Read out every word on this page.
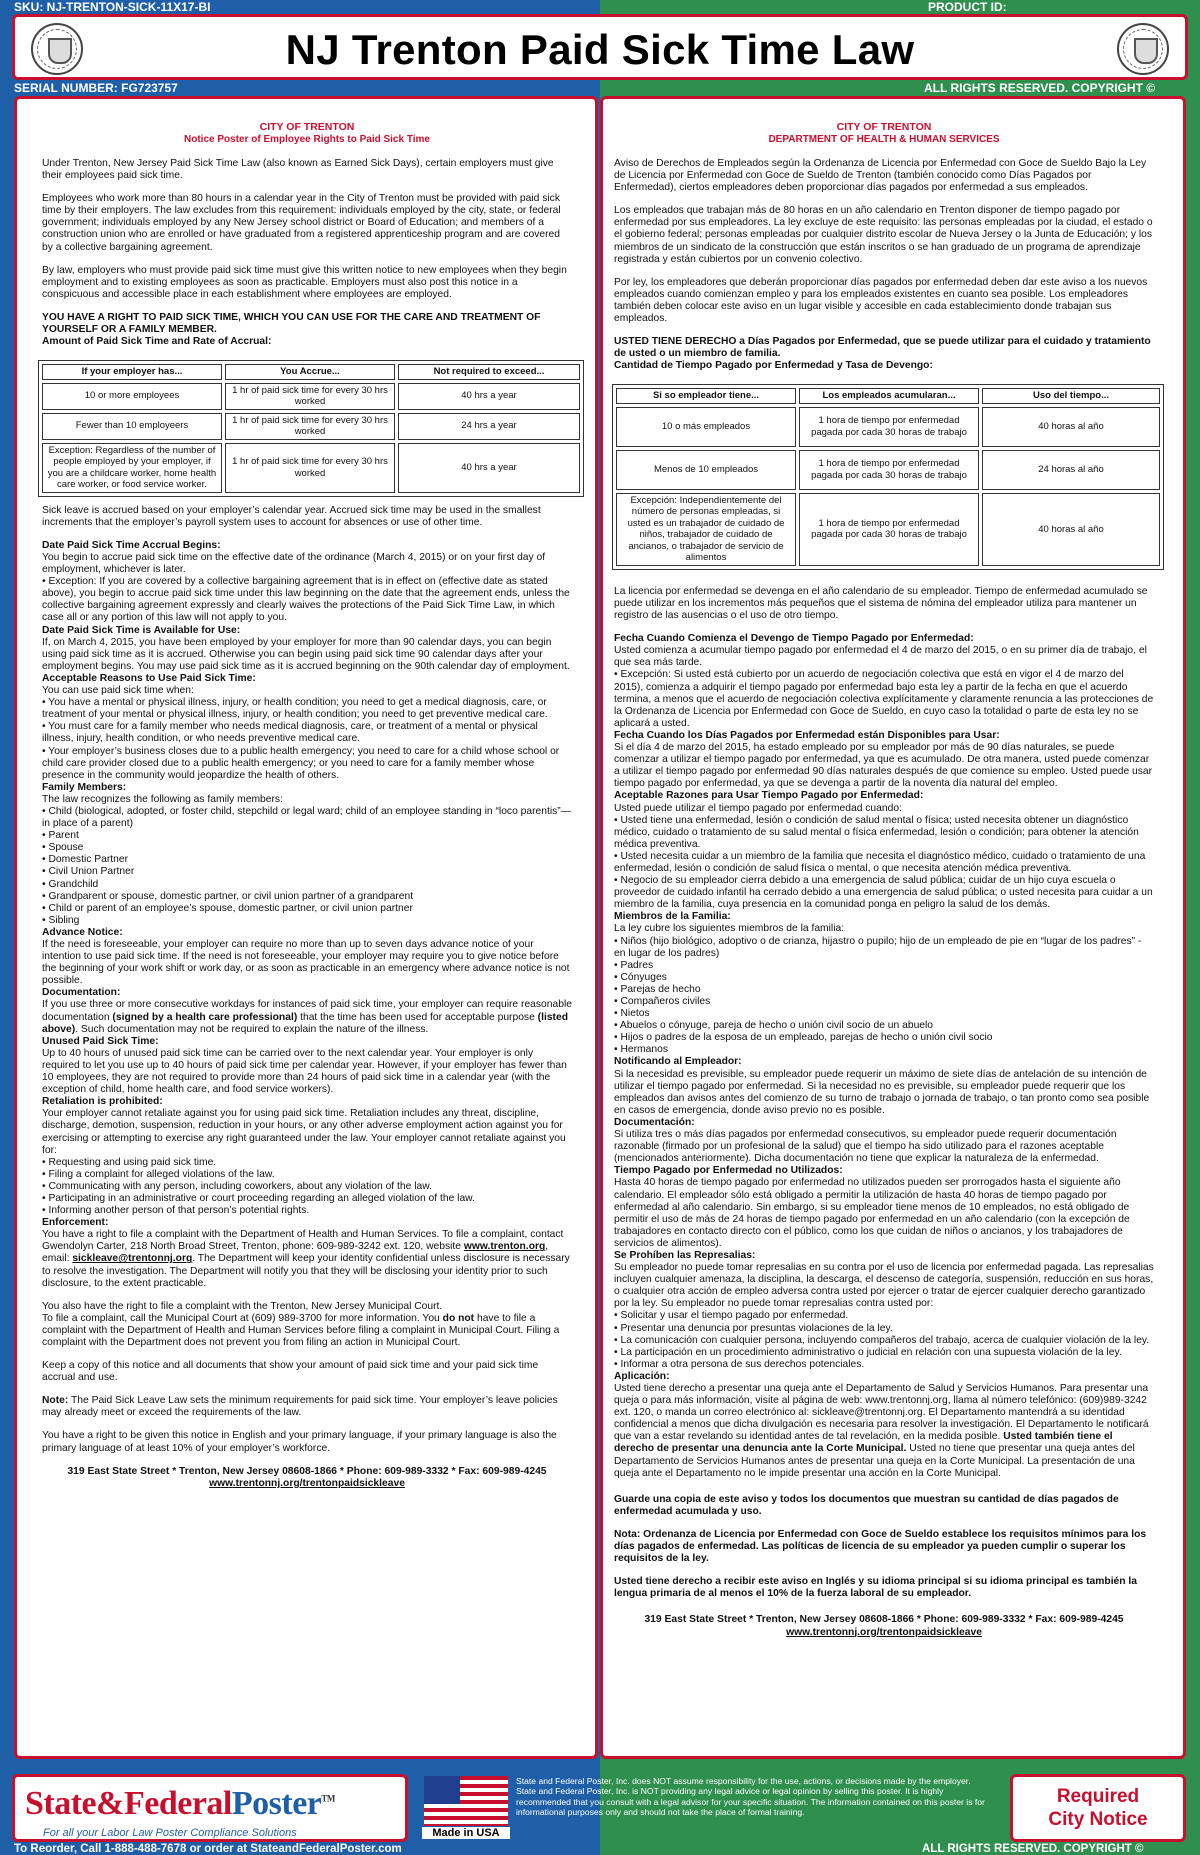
SKU: NJ-TRENTON-SICK-11X17-BI	PRODUCT ID:
NJ Trenton Paid Sick Time Law
SERIAL NUMBER: FG723757	ALL RIGHTS RESERVED. COPYRIGHT ©
CITY OF TRENTON
Notice Poster of Employee Rights to Paid Sick Time
Under Trenton, New Jersey Paid Sick Time Law (also known as Earned Sick Days), certain employers must give their employees paid sick time.
Employees who work more than 80 hours in a calendar year in the City of Trenton must be provided with paid sick time by their employers. The law excludes from this requirement: individuals employed by the city, state, or federal government; individuals employed by any New Jersey school district or Board of Education; and members of a construction union who are enrolled or have graduated from a registered apprenticeship program and are covered by a collective bargaining agreement.
By law, employers who must provide paid sick time must give this written notice to new employees when they begin employment and to existing employees as soon as practicable. Employers must also post this notice in a conspicuous and accessible place in each establishment where employees are employed.
YOU HAVE A RIGHT TO PAID SICK TIME, WHICH YOU CAN USE FOR THE CARE AND TREATMENT OF YOURSELF OR A FAMILY MEMBER.
Amount of Paid Sick Time and Rate of Accrual:
If your employer has...	You Accrue...	Not required to exceed...
10 or more employees	1 hr of paid sick time for every 30 hrs worked	40 hrs a year
Fewer than 10 employeers	1 hr of paid sick time for every 30 hrs worked	24 hrs a year
Exception: Regardless of the number of people employed by your employer, if you are a childcare worker, home health care worker, or food service worker.	1 hr of paid sick time for every 30 hrs worked	40 hrs a year
Sick leave is accrued based on your employer’s calendar year. Accrued sick time may be used in the smallest increments that the employer’s payroll system uses to account for absences or use of other time.
Date Paid Sick Time Accrual Begins:
You begin to accrue paid sick time on the effective date of the ordinance (March 4, 2015) or on your first day of employment, whichever is later.
• Exception: If you are covered by a collective bargaining agreement that is in effect on (effective date as stated above), you begin to accrue paid sick time under this law beginning on the date that the agreement ends, unless the collective bargaining agreement expressly and clearly waives the protections of the Paid Sick Time Law, in which case all or any portion of this law will not apply to you.
Date Paid Sick Time is Available for Use:
If, on March 4, 2015, you have been employed by your employer for more than 90 calendar days, you can begin using paid sick time as it is accrued. Otherwise you can begin using paid sick time 90 calendar days after your employment begins. You may use paid sick time as it is accrued beginning on the 90th calendar day of employment.
Acceptable Reasons to Use Paid Sick Time:
You can use paid sick time when:
• You have a mental or physical illness, injury, or health condition; you need to get a medical diagnosis, care, or treatment of your mental or physical illness, injury, or health condition; you need to get preventive medical care.
• You must care for a family member who needs medical diagnosis, care, or treatment of a mental or physical illness, injury, health condition, or who needs preventive medical care.
• Your employer’s business closes due to a public health emergency; you need to care for a child whose school or child care provider closed due to a public health emergency; or you need to care for a family member whose presence in the community would jeopardize the health of others.
Family Members:
The law recognizes the following as family members:
• Child (biological, adopted, or foster child, stepchild or legal ward; child of an employee standing in “loco parentis”— in place of a parent)
• Parent
• Spouse
• Domestic Partner
• Civil Union Partner
• Grandchild
• Grandparent or spouse, domestic partner, or civil union partner of a grandparent
• Child or parent of an employee’s spouse, domestic partner, or civil union partner
• Sibling
Advance Notice:
If the need is foreseeable, your employer can require no more than up to seven days advance notice of your intention to use paid sick time. If the need is not foreseeable, your employer may require you to give notice before the beginning of your work shift or work day, or as soon as practicable in an emergency where advance notice is not possible.
Documentation:
If you use three or more consecutive workdays for instances of paid sick time, your employer can require reasonable documentation (signed by a health care professional) that the time has been used for acceptable purpose (listed above). Such documentation may not be required to explain the nature of the illness.
Unused Paid Sick Time:
Up to 40 hours of unused paid sick time can be carried over to the next calendar year. Your employer is only required to let you use up to 40 hours of paid sick time per calendar year. However, if your employer has fewer than 10 employees, they are not required to provide more than 24 hours of paid sick time in a calendar year (with the exception of child, home health care, and food service workers).
Retaliation is prohibited:
Your employer cannot retaliate against you for using paid sick time. Retaliation includes any threat, discipline, discharge, demotion, suspension, reduction in your hours, or any other adverse employment action against you for exercising or attempting to exercise any right guaranteed under the law. Your employer cannot retaliate against you for:
• Requesting and using paid sick time.
• Filing a complaint for alleged violations of the law.
• Communicating with any person, including coworkers, about any violation of the law.
• Participating in an administrative or court proceeding regarding an alleged violation of the law.
• Informing another person of that person’s potential rights.
Enforcement:
You have a right to file a complaint with the Department of Health and Human Services. To file a complaint, contact Gwendolyn Carter, 218 North Broad Street, Trenton, phone: 609-989-3242 ext. 120, website www.trenton.org, email: sickleave@trentonnj.org. The Department will keep your identity confidential unless disclosure is necessary to resolve the investigation. The Department will notify you that they will be disclosing your identity prior to such disclosure, to the extent practicable.
You also have the right to file a complaint with the Trenton, New Jersey Municipal Court.
To file a complaint, call the Municipal Court at (609) 989-3700 for more information. You do not have to file a complaint with the Department of Health and Human Services before filing a complaint in Municipal Court. Filing a complaint with the Department does not prevent you from filing an action in Municipal Court.
Keep a copy of this notice and all documents that show your amount of paid sick time and your paid sick time accrual and use.
Note: The Paid Sick Leave Law sets the minimum requirements for paid sick time. Your employer’s leave policies may already meet or exceed the requirements of the law.
You have a right to be given this notice in English and your primary language, if your primary language is also the primary language of at least 10% of your employer’s workforce.
319 East State Street * Trenton, New Jersey 08608-1866 * Phone: 609-989-3332 * Fax: 609-989-4245
www.trentonnj.org/trentonpaidsickleave
CITY OF TRENTON
DEPARTMENT OF HEALTH & HUMAN SERVICES
Aviso de Derechos de Empleados según la Ordenanza de Licencia por Enfermedad con Goce de Sueldo Bajo la Ley de Licencia por Enfermedad con Goce de Sueldo de Trenton (también conocido como Días Pagados por Enfermedad), ciertos empleadores deben proporcionar días pagados por enfermedad a sus empleados.
Los empleados que trabajan más de 80 horas en un año calendario en Trenton disponer de tiempo pagado por enfermedad por sus empleadores. La ley excluye de este requisito: las personas empleadas por la ciudad, el estado o el gobierno federal; personas empleadas por cualquier distrito escolar de Nueva Jersey o la Junta de Educación; y los miembros de un sindicato de la construcción que están inscritos o se han graduado de un programa de aprendizaje registrada y están cubiertos por un convenio colectivo.
Por ley, los empleadores que deberán proporcionar días pagados por enfermedad deben dar este aviso a los nuevos empleados cuando comienzan empleo y para los empleados existentes en cuanto sea posible. Los empleadores también deben colocar este aviso en un lugar visible y accesible en cada establecimiento donde trabajan sus empleados.
USTED TIENE DERECHO a Días Pagados por Enfermedad, que se puede utilizar para el cuidado y tratamiento de usted o un miembro de familia.
Cantidad de Tiempo Pagado por Enfermedad y Tasa de Devengo:
Si so empleador tiene...	Los empleados acumularan...	Uso del tiempo...
10 o más empleados	1 hora de tiempo por enfermedad pagada por cada 30 horas de trabajo	40 horas al año
Menos de 10 empleados	1 hora de tiempo por enfermedad pagada por cada 30 horas de trabajo	24 horas al año
Excepción: Independientemente del número de personas empleadas, si usted es un trabajador de cuidado de niños, trabajador de cuidado de ancianos, o trabajador de servicio de alimentos	1 hora de tiempo por enfermedad pagada por cada 30 horas de trabajo	40 horas al año
La licencia por enfermedad se devenga en el año calendario de su empleador. Tiempo de enfermedad acumulado se puede utilizar en los incrementos más pequeños que el sistema de nómina del empleador utiliza para mantener un registro de las ausencias o el uso de otro tiempo.
Fecha Cuando Comienza el Devengo de Tiempo Pagado por Enfermedad:
Usted comienza a acumular tiempo pagado por enfermedad el 4 de marzo del 2015, o en su primer día de trabajo, el que sea más tarde.
• Excepción: Si usted está cubierto por un acuerdo de negociación colectiva que está en vigor el 4 de marzo del 2015), comienza a adquirir el tiempo pagado por enfermedad bajo esta ley a partir de la fecha en que el acuerdo termina, a menos que el acuerdo de negociación colectiva explícitamente y claramente renuncia a las protecciones de la Ordenanza de Licencia por Enfermedad con Goce de Sueldo, en cuyo caso la totalidad o parte de esta ley no se aplicará a usted.
Fecha Cuando los Días Pagados por Enfermedad están Disponibles para Usar:
Si el día 4 de marzo del 2015, ha estado empleado por su empleador por más de 90 días naturales, se puede comenzar a utilizar el tiempo pagado por enfermedad, ya que es acumulado. De otra manera, usted puede comenzar a utilizar el tiempo pagado por enfermedad 90 días naturales después de que comience su empleo. Usted puede usar tiempo pagado por enfermedad, ya que se devenga a partir de la noventa día natural del empleo.
Aceptable Razones para Usar Tiempo Pagado por Enfermedad:
Usted puede utilizar el tiempo pagado por enfermedad cuando:
• Usted tiene una enfermedad, lesión o condición de salud mental o física; usted necesita obtener un diagnóstico médico, cuidado o tratamiento de su salud mental o física enfermedad, lesión o condición; para obtener la atención médica preventiva.
• Usted necesita cuidar a un miembro de la familia que necesita el diagnóstico médico, cuidado o tratamiento de una enfermedad, lesión o condición de salud física o mental, o que necesita atención médica preventiva.
• Negocio de su empleador cierra debido a una emergencia de salud pública; cuidar de un hijo cuya escuela o proveedor de cuidado infantil ha cerrado debido a una emergencia de salud pública; o usted necesita para cuidar a un miembro de la familia, cuya presencia en la comunidad ponga en peligro la salud de los demás.
Miembros de la Familia:
La ley cubre los siguientes miembros de la familia:
• Niños (hijo biológico, adoptivo o de crianza, hijastro o pupilo; hijo de un empleado de pie en “lugar de los padres” - en lugar de los padres)
• Padres
• Cónyuges
• Parejas de hecho
• Compañeros civiles
• Nietos
• Abuelos o cónyuge, pareja de hecho o unión civil socio de un abuelo
• Hijos o padres de la esposa de un empleado, parejas de hecho o unión civil socio
• Hermanos
Notificando al Empleador:
Si la necesidad es previsible, su empleador puede requerir un máximo de siete días de antelación de su intención de utilizar el tiempo pagado por enfermedad. Si la necesidad no es previsible, su empleador puede requerir que los empleados dan avisos antes del comienzo de su turno de trabajo o jornada de trabajo, o tan pronto como sea posible en casos de emergencia, donde aviso previo no es posible.
Documentación:
Si utiliza tres o más días pagados por enfermedad consecutivos, su empleador puede requerir documentación razonable (firmado por un profesional de la salud) que el tiempo ha sido utilizado para el razones aceptable (mencionados anteriormente). Dicha documentación no tiene que explicar la naturaleza de la enfermedad.
Tiempo Pagado por Enfermedad no Utilizados:
Hasta 40 horas de tiempo pagado por enfermedad no utilizados pueden ser prorrogados hasta el siguiente año calendario. El empleador sólo está obligado a permitir la utilización de hasta 40 horas de tiempo pagado por enfermedad al año calendario. Sin embargo, si su empleador tiene menos de 10 empleados, no está obligado de permitir el uso de más de 24 horas de tiempo pagado por enfermedad en un año calendario (con la excepción de trabajadores en contacto directo con el público, como los que cuidan de niños o ancianos, y los trabajadores de servicios de alimentos).
Se Prohíben las Represalias:
Su empleador no puede tomar represalias en su contra por el uso de licencia por enfermedad pagada. Las represalias incluyen cualquier amenaza, la disciplina, la descarga, el descenso de categoría, suspensión, reducción en sus horas, o cualquier otra acción de empleo adversa contra usted por ejercer o tratar de ejercer cualquier derecho garantizado por la ley. Su empleador no puede tomar represalias contra usted por:
• Solicitar y usar el tiempo pagado por enfermedad.
• Presentar una denuncia por presuntas violaciones de la ley.
• La comunicación con cualquier persona, incluyendo compañeros del trabajo, acerca de cualquier violación de la ley.
• La participación en un procedimiento administrativo o judicial en relación con una supuesta violación de la ley.
• Informar a otra persona de sus derechos potenciales.
Aplicación:
Usted tiene derecho a presentar una queja ante el Departamento de Salud y Servicios Humanos. Para presentar una queja o para más información, visite al página de web: www.trentonnj.org, llama al número telefónico: (609)989-3242 ext. 120, o manda un correo electrónico al: sickleave@trentonnj.org. El Departamento mantendrá a su identidad confidencial a menos que dicha divulgación es necesaria para resolver la investigación. El Departamento le notificará que van a estar revelando su identidad antes de tal revelación, en la medida posible. Usted también tiene el derecho de presentar una denuncia ante la Corte Municipal. Usted no tiene que presentar una queja antes del Departamento de Servicios Humanos antes de presentar una queja en la Corte Municipal. La presentación de una queja ante el Departamento no le impide presentar una acción en la Corte Municipal.
Guarde una copia de este aviso y todos los documentos que muestran su cantidad de días pagados de enfermedad acumulada y uso.
Nota: Ordenanza de Licencia por Enfermedad con Goce de Sueldo establece los requisitos mínimos para los días pagados de enfermedad. Las políticas de licencia de su empleador ya pueden cumplir o superar los requisitos de la ley.
Usted tiene derecho a recibir este aviso en Inglés y su idioma principal si su idioma principal es también la lengua primaria de al menos el 10% de la fuerza laboral de su empleador.
319 East State Street * Trenton, New Jersey 08608-1866 * Phone: 609-989-3332 * Fax: 609-989-4245
www.trentonnj.org/trentonpaidsickleave
State&FederalPoster™
For all your Labor Law Poster Compliance Solutions	Made in USA
State and Federal Poster, Inc. does NOT assume responsibility for the use, actions, or decisions made by the employer. State and Federal Poster, Inc. is NOT providing any legal advice or legal opinion by selling this poster. It is highly recommended that you consult with a legal advisor for your specific situation. The information contained on this poster is for informational purposes only and should not take the place of formal training.
Required
City Notice
To Reorder, Call 1-888-488-7678 or order at StateandFederalPoster.com	ALL RIGHTS RESERVED. COPYRIGHT ©
